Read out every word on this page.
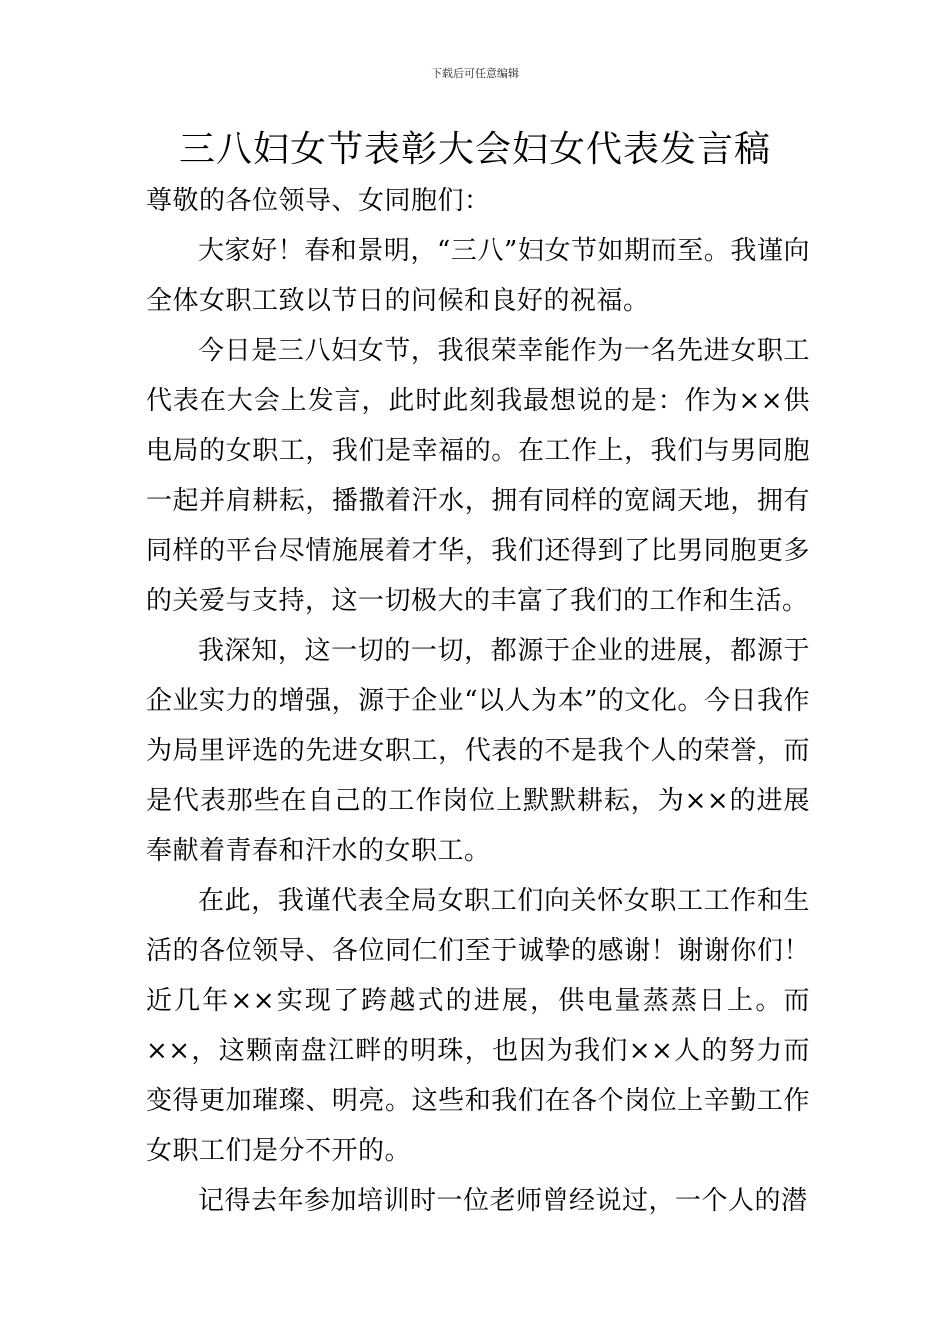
下载后可任意编辑
三八妇女节表彰大会妇女代表发言稿

尊敬的各位领导、女同胞们：

大家好！春和景明，“三八”妇女节如期而至。我谨向全体女职工致以节日的问候和良好的祝福。

今日是三八妇女节，我很荣幸能作为一名先进女职工代表在大会上发言，此时此刻我最想说的是：作为××供电局的女职工，我们是幸福的。在工作上，我们与男同胞一起并肩耕耘，播撒着汗水，拥有同样的宽阔天地，拥有同样的平台尽情施展着才华，我们还得到了比男同胞更多的关爱与支持，这一切极大的丰富了我们的工作和生活。

我深知，这一切的一切，都源于企业的进展，都源于企业实力的增强，源于企业“以人为本”的文化。今日我作为局里评选的先进女职工，代表的不是我个人的荣誉，而是代表那些在自己的工作岗位上默默耕耘，为××的进展奉献着青春和汗水的女职工。

在此，我谨代表全局女职工们向关怀女职工工作和生活的各位领导、各位同仁们至于诚挚的感谢！谢谢你们！近几年××实现了跨越式的进展，供电量蒸蒸日上。而××，这颗南盘江畔的明珠，也因为我们××人的努力而变得更加璀璨、明亮。这些和我们在各个岗位上辛勤工作女职工们是分不开的。

记得去年参加培训时一位老师曾经说过，一个人的潜
